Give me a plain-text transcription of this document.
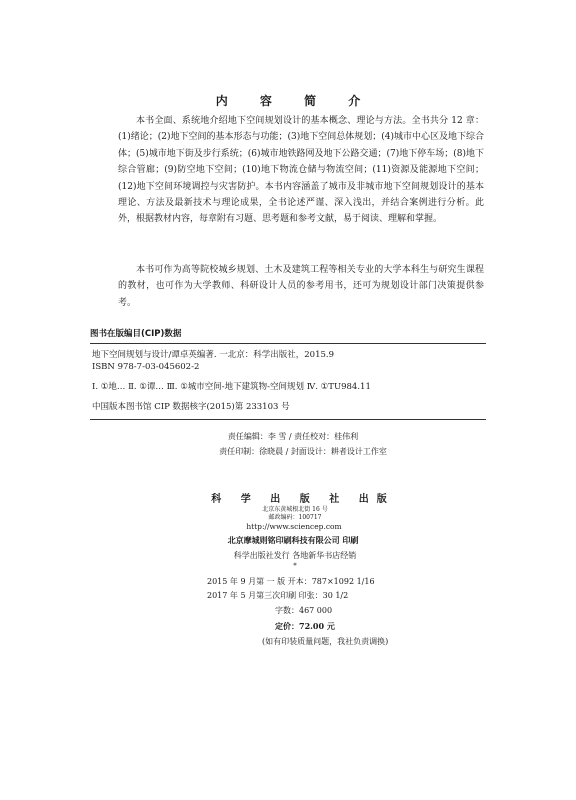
内 容 简 介

本书全面、系统地介绍地下空间规划设计的基本概念、理论与方法。全书共分 12 章：(1)绪论；(2)地下空间的基本形态与功能；(3)地下空间总体规划；(4)城市中心区及地下综合体；(5)城市地下街及步行系统；(6)城市地铁路网及地下公路交通；(7)地下停车场；(8)地下综合管廊；(9)防空地下空间；(10)地下物流仓储与物流空间；(11)资源及能源地下空间；(12)地下空间环境调控与灾害防护。本书内容涵盖了城市及非城市地下空间规划设计的基本理论、方法及最新技术与理论成果，全书论述严谨、深入浅出，并结合案例进行分析。此外，根据教材内容，每章附有习题、思考题和参考文献，易于阅读、理解和掌握。

本书可作为高等院校城乡规划、土木及建筑工程等相关专业的大学本科生与研究生课程的教材，也可作为大学教师、科研设计人员的参考用书，还可为规划设计部门决策提供参考。

图书在版编目(CIP)数据
地下空间规划与设计/谭卓英编著. 一北京：科学出版社，2015.9
ISBN 978-7-03-045602-2
Ⅰ. ①地… Ⅱ. ①谭… Ⅲ. ①城市空间-地下建筑物-空间规划 Ⅳ. ①TU984.11
中国版本图书馆 CIP 数据核字(2015)第 233103 号
责任编辑：李 雪 / 责任校对：桂伟利
责任印制：徐晓晨 / 封面设计：耕者设计工作室
科 学 出 版 社 出版
北京东黄城根北街 16 号
邮政编码：100717
http://www.sciencep.com
北京摩城则铭印刷科技有限公司 印刷
科学出版社发行 各地新华书店经销
*
2015 年 9 月第 一 版 开本：787×1092 1/16
2017 年 5 月第三次印刷 印张：30 1/2
字数：467 000
定价：72.00 元
(如有印装质量问题，我社负责调换)
